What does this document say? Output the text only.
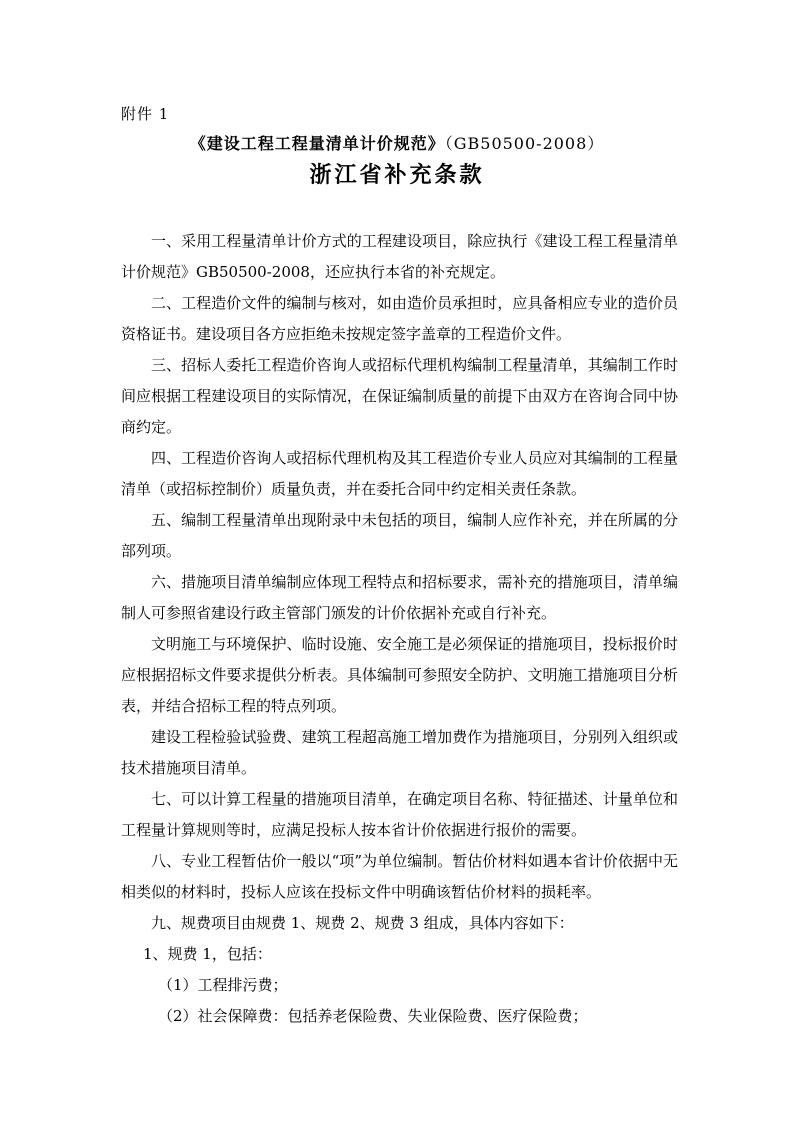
附件 1
《建设工程工程量清单计价规范》（GB50500-2008）
浙江省补充条款

一、采用工程量清单计价方式的工程建设项目，除应执行《建设工程工程量清单计价规范》GB50500-2008，还应执行本省的补充规定。

二、工程造价文件的编制与核对，如由造价员承担时，应具备相应专业的造价员资格证书。建设项目各方应拒绝未按规定签字盖章的工程造价文件。

三、招标人委托工程造价咨询人或招标代理机构编制工程量清单，其编制工作时间应根据工程建设项目的实际情况，在保证编制质量的前提下由双方在咨询合同中协商约定。

四、工程造价咨询人或招标代理机构及其工程造价专业人员应对其编制的工程量清单（或招标控制价）质量负责，并在委托合同中约定相关责任条款。

五、编制工程量清单出现附录中未包括的项目，编制人应作补充，并在所属的分部列项。

六、措施项目清单编制应体现工程特点和招标要求，需补充的措施项目，清单编制人可参照省建设行政主管部门颁发的计价依据补充或自行补充。

文明施工与环境保护、临时设施、安全施工是必须保证的措施项目，投标报价时应根据招标文件要求提供分析表。具体编制可参照安全防护、文明施工措施项目分析表，并结合招标工程的特点列项。

建设工程检验试验费、建筑工程超高施工增加费作为措施项目，分别列入组织或技术措施项目清单。

七、可以计算工程量的措施项目清单，在确定项目名称、特征描述、计量单位和工程量计算规则等时，应满足投标人按本省计价依据进行报价的需要。

八、专业工程暂估价一般以“项”为单位编制。暂估价材料如遇本省计价依据中无相类似的材料时，投标人应该在投标文件中明确该暂估价材料的损耗率。

九、规费项目由规费 1、规费 2、规费 3 组成，具体内容如下：

1、规费 1，包括：

（1）工程排污费；

（2）社会保障费：包括养老保险费、失业保险费、医疗保险费；
